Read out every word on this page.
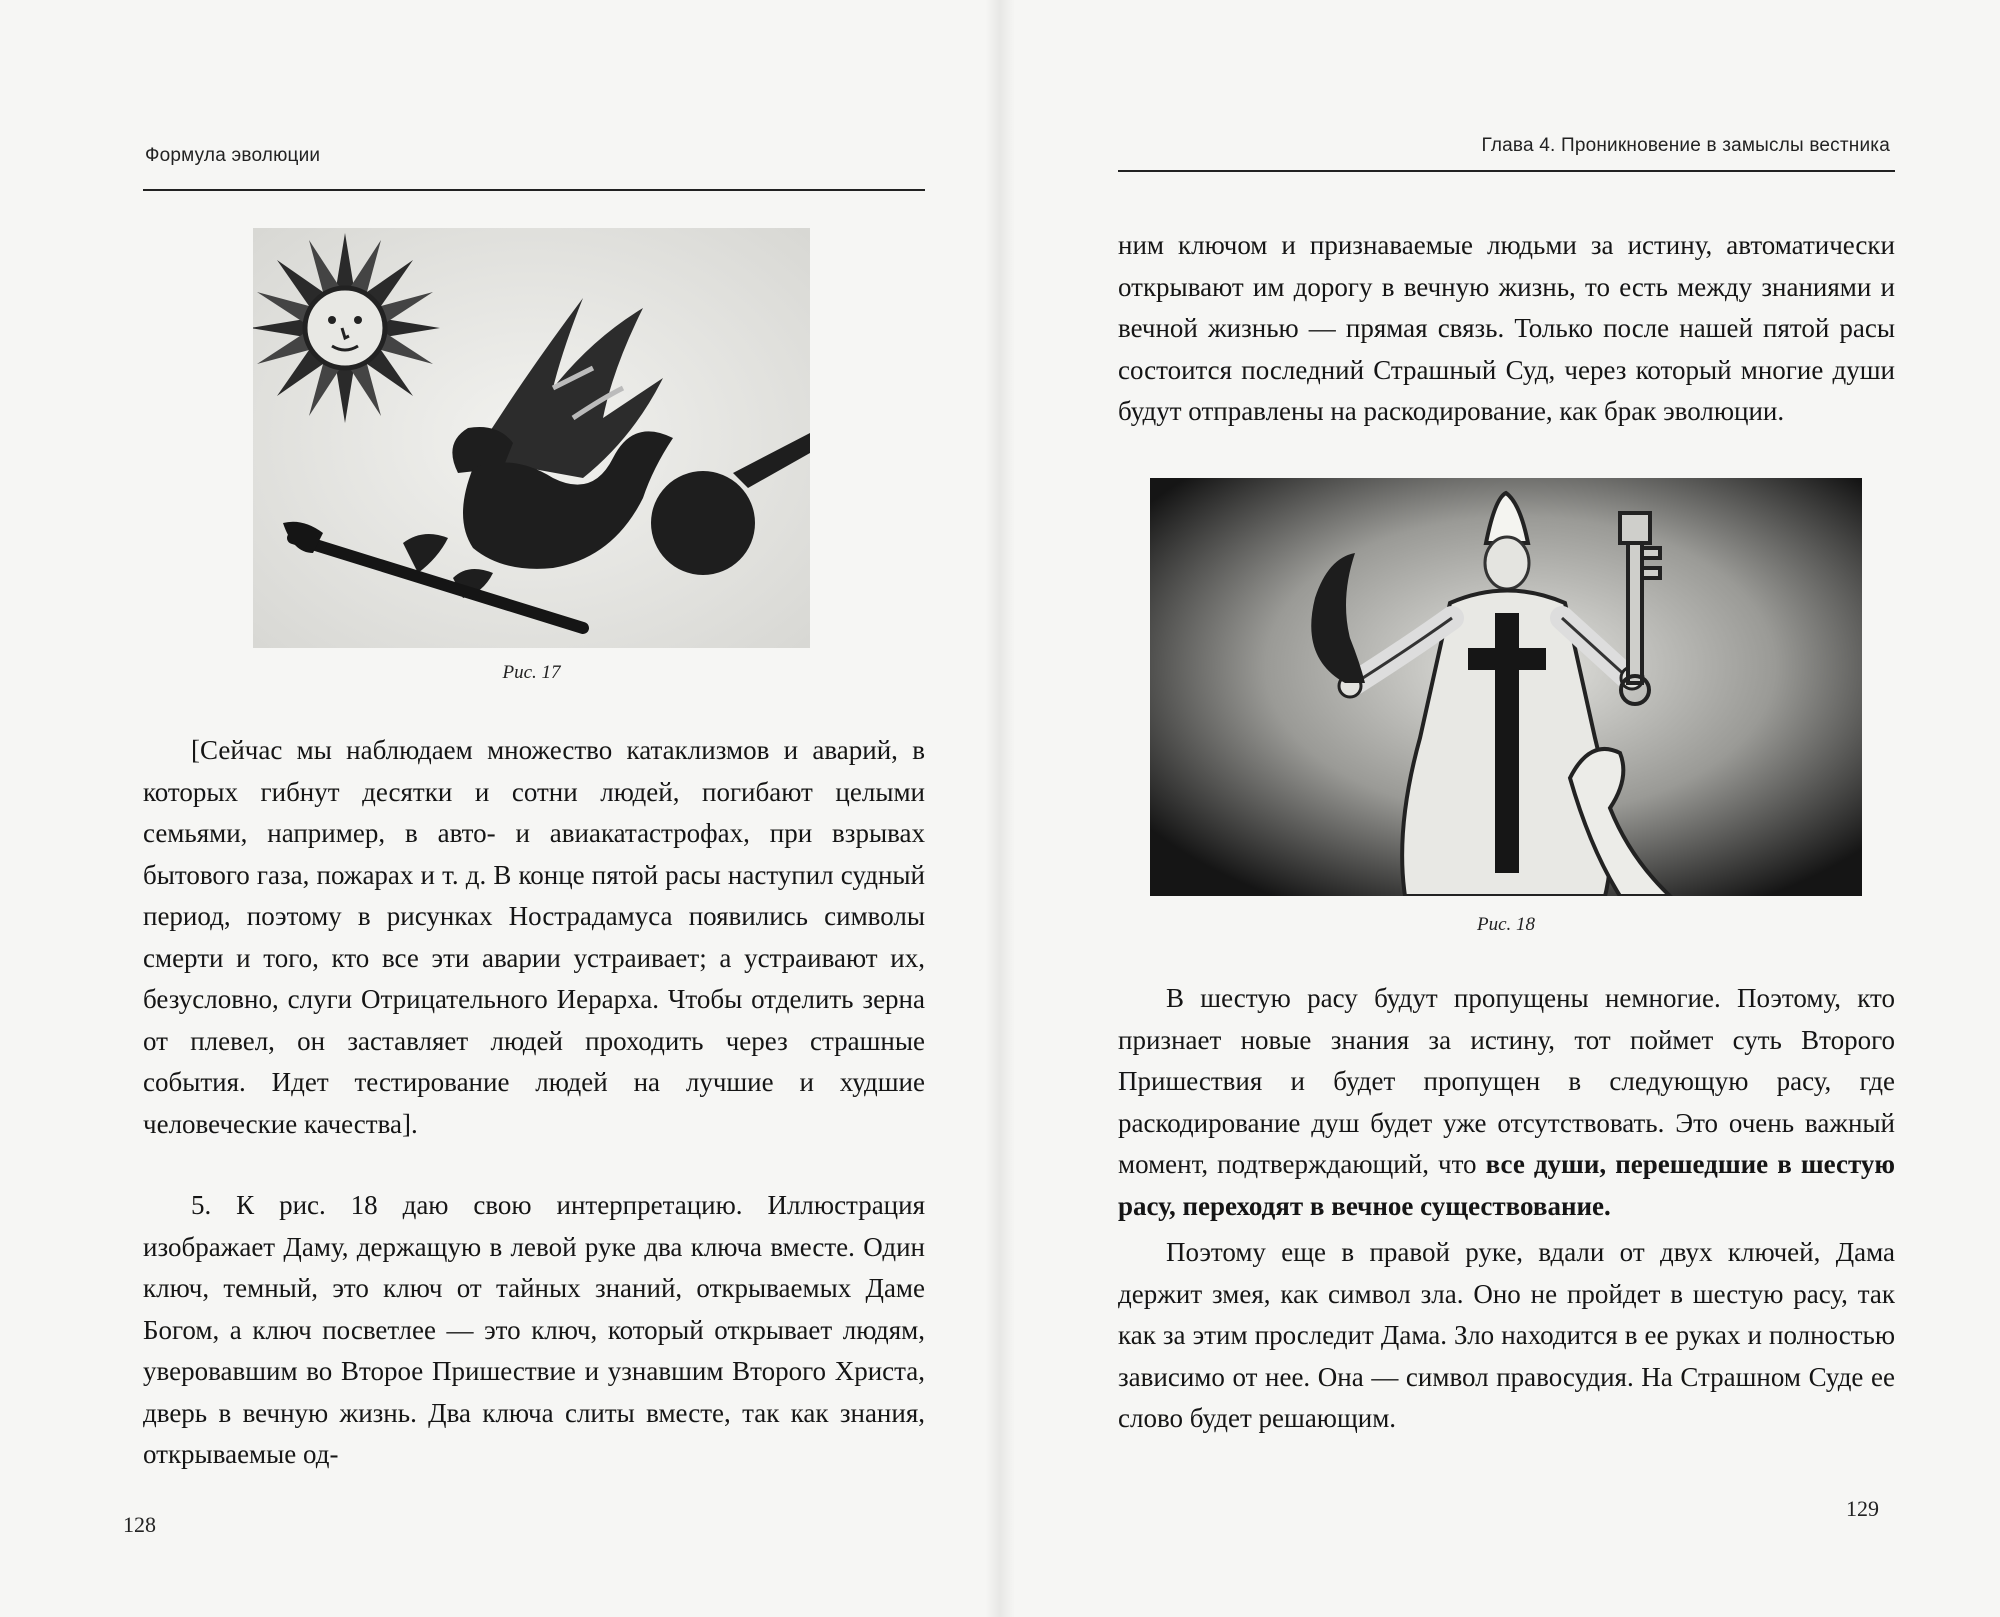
Формула эволюции
Рис. 17

[Сейчас мы наблюдаем множество катаклизмов и аварий, в которых гибнут десятки и сотни людей, погибают целыми семьями, например, в авто- и авиакатастрофах, при взрывах бытового газа, пожарах и т. д. В конце пятой расы наступил судный период, поэтому в рисунках Нострадамуса появились символы смерти и того, кто все эти аварии устраивает; а устраивают их, безусловно, слуги Отрицательного Иерарха. Чтобы отделить зерна от плевел, он заставляет людей проходить через страшные события. Идет тестирование людей на лучшие и худшие человеческие качества].

5. К рис. 18 даю свою интерпретацию. Иллюстрация изображает Даму, держащую в левой руке два ключа вместе. Один ключ, темный, это ключ от тайных знаний, открываемых Даме Богом, а ключ посветлее — это ключ, который открывает людям, уверовавшим во Второе Пришествие и узнавшим Второго Христа, дверь в вечную жизнь. Два ключа слиты вместе, так как знания, открываемые од-

128
Глава 4. Проникновение в замыслы вестника

ним ключом и признаваемые людьми за истину, автоматически открывают им дорогу в вечную жизнь, то есть между знаниями и вечной жизнью — прямая связь. Только после нашей пятой расы состоится последний Страшный Суд, через который многие души будут отправлены на раскодирование, как брак эволюции.

Рис. 18

В шестую расу будут пропущены немногие. Поэтому, кто признает новые знания за истину, тот поймет суть Второго Пришествия и будет пропущен в следующую расу, где раскодирование душ будет уже отсутствовать. Это очень важный момент, подтверждающий, что все души, перешедшие в шестую расу, переходят в вечное существование.

Поэтому еще в правой руке, вдали от двух ключей, Дама держит змея, как символ зла. Оно не пройдет в шестую расу, так как за этим проследит Дама. Зло находится в ее руках и полностью зависимо от нее. Она — символ правосудия. На Страшном Суде ее слово будет решающим.

129
